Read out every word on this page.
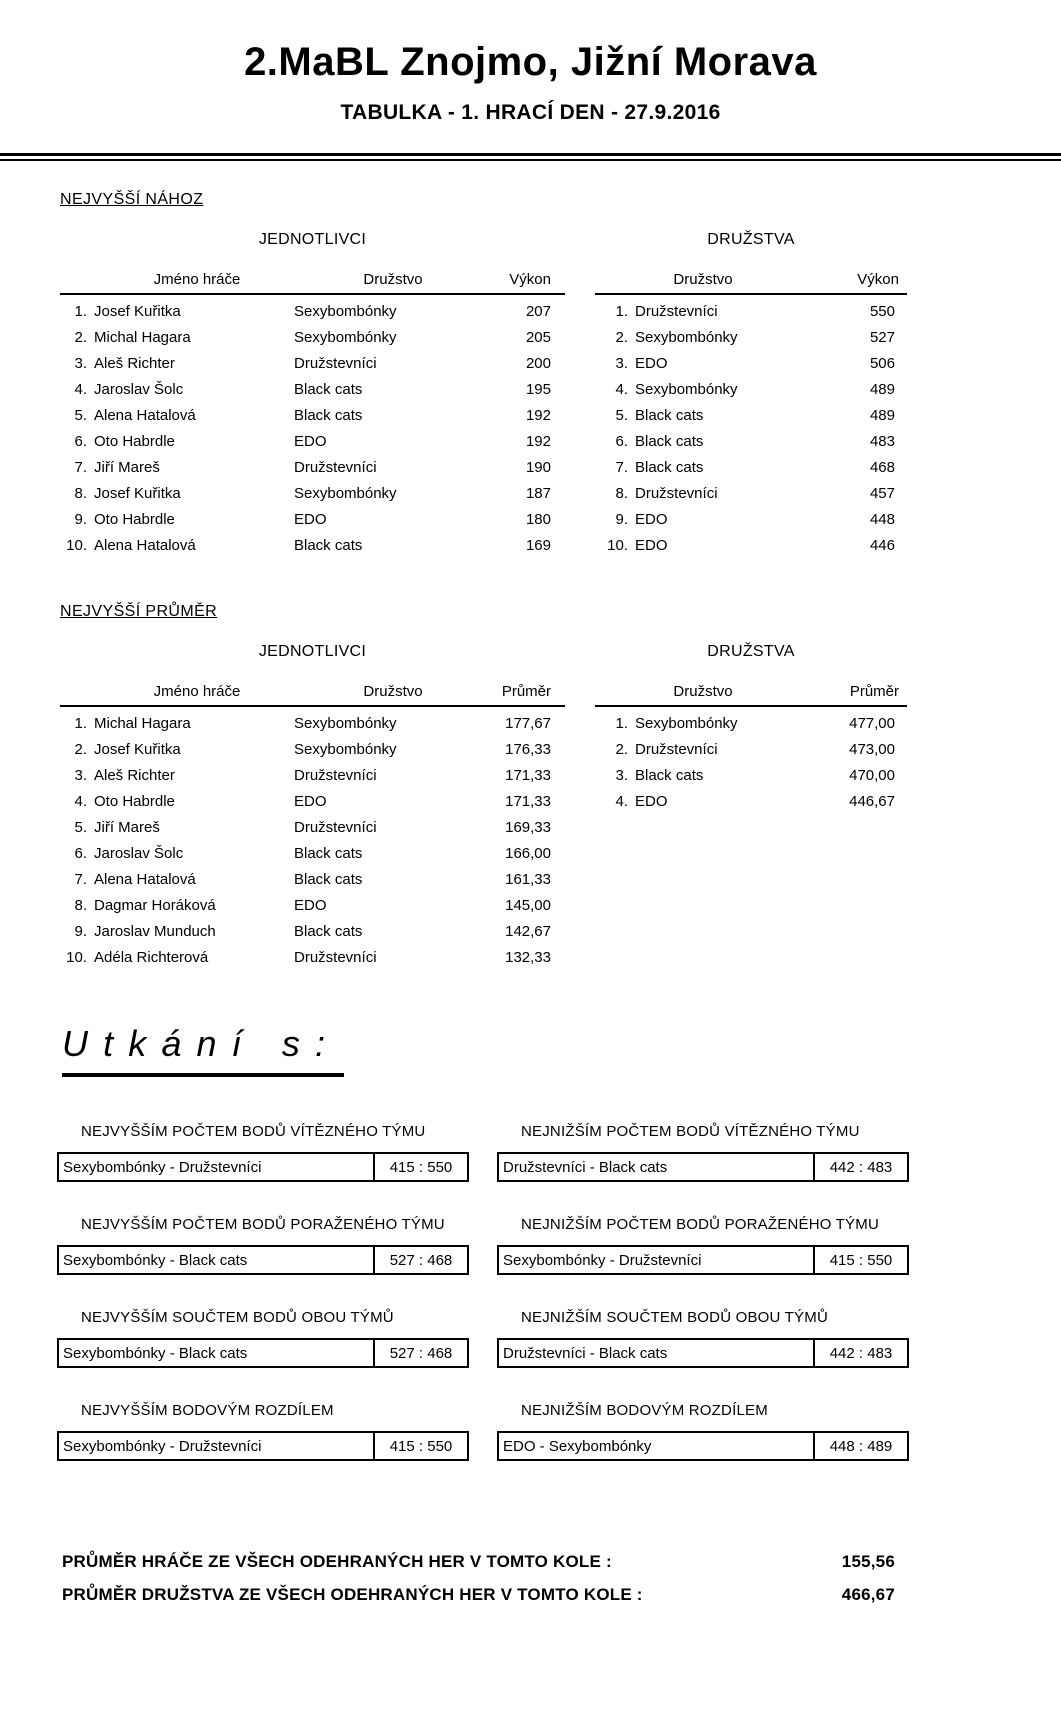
2.MaBL Znojmo, Jižní Morava
TABULKA - 1. HRACÍ DEN - 27.9.2016
NEJVYŠŠÍ NÁHOZ
JEDNOTLIVCI
Jméno hráče	Družstvo	Výkon
1. Josef Kuřitka	Sexybombónky	207
2. Michal Hagara	Sexybombónky	205
3. Aleš Richter	Družstevníci	200
4. Jaroslav Šolc	Black cats	195
5. Alena Hatalová	Black cats	192
6. Oto Habrdle	EDO	192
7. Jiří Mareš	Družstevníci	190
8. Josef Kuřitka	Sexybombónky	187
9. Oto Habrdle	EDO	180
10. Alena Hatalová	Black cats	169
DRUŽSTVA
Družstvo	Výkon
1. Družstevníci	550
2. Sexybombónky	527
3. EDO	506
4. Sexybombónky	489
5. Black cats	489
6. Black cats	483
7. Black cats	468
8. Družstevníci	457
9. EDO	448
10. EDO	446
NEJVYŠŠÍ PRŮMĚR
JEDNOTLIVCI
Jméno hráče	Družstvo	Průměr
1. Michal Hagara	Sexybombónky	177,67
2. Josef Kuřitka	Sexybombónky	176,33
3. Aleš Richter	Družstevníci	171,33
4. Oto Habrdle	EDO	171,33
5. Jiří Mareš	Družstevníci	169,33
6. Jaroslav Šolc	Black cats	166,00
7. Alena Hatalová	Black cats	161,33
8. Dagmar Horáková	EDO	145,00
9. Jaroslav Munduch	Black cats	142,67
10. Adéla Richterová	Družstevníci	132,33
DRUŽSTVA
Družstvo	Průměr
1. Sexybombónky	477,00
2. Družstevníci	473,00
3. Black cats	470,00
4. EDO	446,67
Utkání s:
NEJVYŠŠÍM POČTEM BODŮ VÍTĚZNÉHO TÝMU
Sexybombónky - Družstevníci	415 : 550
NEJNIŽŠÍM POČTEM BODŮ VÍTĚZNÉHO TÝMU
Družstevníci - Black cats	442 : 483
NEJVYŠŠÍM POČTEM BODŮ PORAŽENÉHO TÝMU
Sexybombónky - Black cats	527 : 468
NEJNIŽŠÍM POČTEM BODŮ PORAŽENÉHO TÝMU
Sexybombónky - Družstevníci	415 : 550
NEJVYŠŠÍM SOUČTEM BODŮ OBOU TÝMŮ
Sexybombónky - Black cats	527 : 468
NEJNIŽŠÍM SOUČTEM BODŮ OBOU TÝMŮ
Družstevníci - Black cats	442 : 483
NEJVYŠŠÍM BODOVÝM ROZDÍLEM
Sexybombónky - Družstevníci	415 : 550
NEJNIŽŠÍM BODOVÝM ROZDÍLEM
EDO - Sexybombónky	448 : 489
PRŮMĚR HRÁČE ZE VŠECH ODEHRANÝCH HER V TOMTO KOLE :	155,56
PRŮMĚR DRUŽSTVA ZE VŠECH ODEHRANÝCH HER V TOMTO KOLE :	466,67
